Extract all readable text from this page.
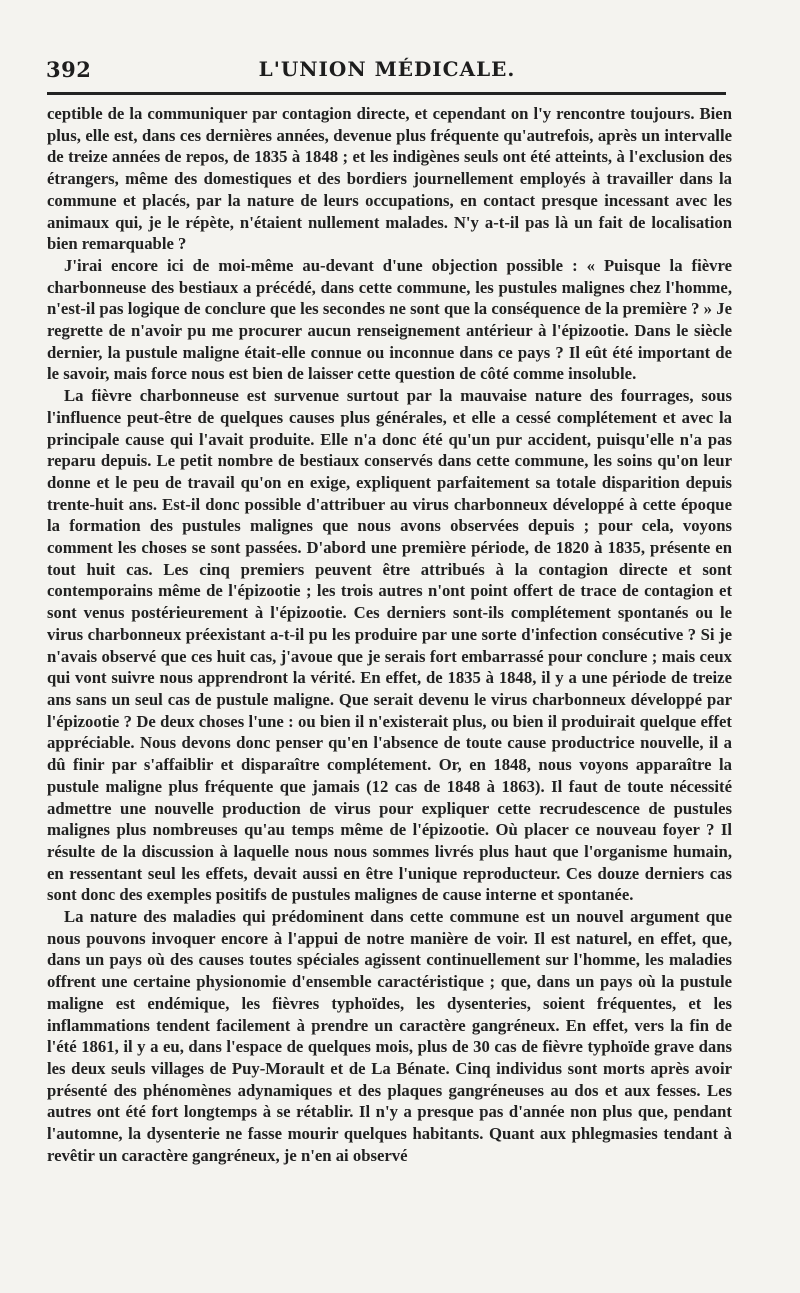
392	L'UNION MÉDICALE.

ceptible de la communiquer par contagion directe, et cependant on l'y rencontre toujours. Bien plus, elle est, dans ces dernières années, devenue plus fréquente qu'autrefois, après un intervalle de treize années de repos, de 1835 à 1848 ; et les indigènes seuls ont été atteints, à l'exclusion des étrangers, même des domestiques et des bordiers journellement employés à travailler dans la commune et placés, par la nature de leurs occupations, en contact presque incessant avec les animaux qui, je le répète, n'étaient nullement malades. N'y a-t-il pas là un fait de localisation bien remarquable ?

J'irai encore ici de moi-même au-devant d'une objection possible : « Puisque la fièvre charbonneuse des bestiaux a précédé, dans cette commune, les pustules malignes chez l'homme, n'est-il pas logique de conclure que les secondes ne sont que la conséquence de la première ? » Je regrette de n'avoir pu me procurer aucun renseignement antérieur à l'épizootie. Dans le siècle dernier, la pustule maligne était-elle connue ou inconnue dans ce pays ? Il eût été important de le savoir, mais force nous est bien de laisser cette question de côté comme insoluble.

La fièvre charbonneuse est survenue surtout par la mauvaise nature des fourrages, sous l'influence peut-être de quelques causes plus générales, et elle a cessé complétement et avec la principale cause qui l'avait produite. Elle n'a donc été qu'un pur accident, puisqu'elle n'a pas reparu depuis. Le petit nombre de bestiaux conservés dans cette commune, les soins qu'on leur donne et le peu de travail qu'on en exige, expliquent parfaitement sa totale disparition depuis trente-huit ans. Est-il donc possible d'attribuer au virus charbonneux développé à cette époque la formation des pustules malignes que nous avons observées depuis ; pour cela, voyons comment les choses se sont passées. D'abord une première période, de 1820 à 1835, présente en tout huit cas. Les cinq premiers peuvent être attribués à la contagion directe et sont contemporains même de l'épizootie ; les trois autres n'ont point offert de trace de contagion et sont venus postérieurement à l'épizootie. Ces derniers sont-ils complétement spontanés ou le virus charbonneux préexistant a-t-il pu les produire par une sorte d'infection consécutive ? Si je n'avais observé que ces huit cas, j'avoue que je serais fort embarrassé pour conclure ; mais ceux qui vont suivre nous apprendront la vérité. En effet, de 1835 à 1848, il y a une période de treize ans sans un seul cas de pustule maligne. Que serait devenu le virus charbonneux développé par l'épizootie ? De deux choses l'une : ou bien il n'existerait plus, ou bien il produirait quelque effet appréciable. Nous devons donc penser qu'en l'absence de toute cause productrice nouvelle, il a dû finir par s'affaiblir et disparaître complétement. Or, en 1848, nous voyons apparaître la pustule maligne plus fréquente que jamais (12 cas de 1848 à 1863). Il faut de toute nécessité admettre une nouvelle production de virus pour expliquer cette recrudescence de pustules malignes plus nombreuses qu'au temps même de l'épizootie. Où placer ce nouveau foyer ? Il résulte de la discussion à laquelle nous nous sommes livrés plus haut que l'organisme humain, en ressentant seul les effets, devait aussi en être l'unique reproducteur. Ces douze derniers cas sont donc des exemples positifs de pustules malignes de cause interne et spontanée.

La nature des maladies qui prédominent dans cette commune est un nouvel argument que nous pouvons invoquer encore à l'appui de notre manière de voir. Il est naturel, en effet, que, dans un pays où des causes toutes spéciales agissent continuellement sur l'homme, les maladies offrent une certaine physionomie d'ensemble caractéristique ; que, dans un pays où la pustule maligne est endémique, les fièvres typhoïdes, les dysenteries, soient fréquentes, et les inflammations tendent facilement à prendre un caractère gangréneux. En effet, vers la fin de l'été 1861, il y a eu, dans l'espace de quelques mois, plus de 30 cas de fièvre typhoïde grave dans les deux seuls villages de Puy-Morault et de La Bénate. Cinq individus sont morts après avoir présenté des phénomènes adynamiques et des plaques gangréneuses au dos et aux fesses. Les autres ont été fort longtemps à se rétablir. Il n'y a presque pas d'année non plus que, pendant l'automne, la dysenterie ne fasse mourir quelques habitants. Quant aux phlegmasies tendant à revêtir un caractère gangréneux, je n'en ai observé
